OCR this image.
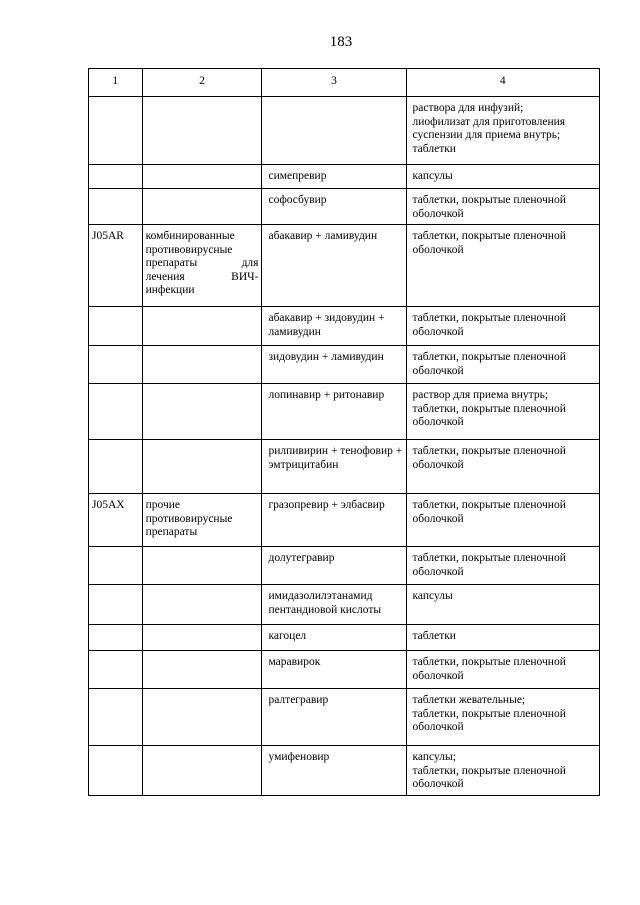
183
1	2	3	4

			раствора для инфузий;
лиофилизат для приготовления суспензии для приема внутрь;
таблетки

		симепревир	капсулы

		софосбувир	таблетки, покрытые пленочной оболочкой

J05AR	комбинированные противовирусные препараты для лечения ВИЧ-инфекции	абакавир + ламивудин	таблетки, покрытые пленочной оболочкой

		абакавир + зидовудин + ламивудин	таблетки, покрытые пленочной оболочкой

		зидовудин + ламивудин	таблетки, покрытые пленочной оболочкой

		лопинавир + ритонавир	раствор для приема внутрь;
таблетки, покрытые пленочной оболочкой

		рилпивирин + тенофовир + эмтрицитабин	таблетки, покрытые пленочной оболочкой

J05AX	прочие противовирусные препараты	гразопревир + элбасвир	таблетки, покрытые пленочной оболочкой

		долутегравир	таблетки, покрытые пленочной оболочкой

		имидазолилэтанамид пентандиовой кислоты	капсулы

		кагоцел	таблетки

		маравирок	таблетки, покрытые пленочной оболочкой

		ралтегравир	таблетки жевательные;
таблетки, покрытые пленочной оболочкой

		умифеновир	капсулы;
таблетки, покрытые пленочной оболочкой
